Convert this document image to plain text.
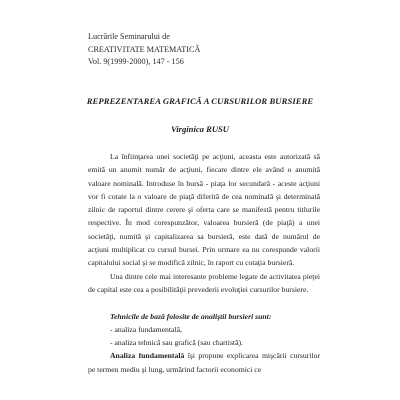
Lucrările Seminarului de
CREATIVITATE MATEMATICĂ
Vol. 9(1999-2000), 147 - 156
REPREZENTAREA GRAFICĂ A CURSURILOR BURSIERE
Virginica RUSU

La înfiinţarea unei societăţi pe acţiuni, aceasta este autorizată să emită un anumit număr de acţiuni, fiecare dintre ele având o anumită valoare nominală. Introduse în bursă - piaţa lor secundară - aceste acţiuni vor fi cotate la o valoare de piaţă diferită de cea nominală şi determinată zilnic de raportul dintre cerere şi oferta care se manifestă pentru titlurile respective. În mod corespunzător, valoarea bursieră (de piaţă) a unei societăţi, numită şi capitalizarea sa bursieră, este dată de numărul de acţiuni multiplicat cu cursul bursei. Prin urmare ea nu corespunde valorii capitalului social şi se modifică zilnic, în raport cu cotaţia bursieră.

Una dintre cele mai interesante probleme legate de activitatea pieţei de capital este cea a posibilităţii prevederii evoluţiei cursurilor bursiere.

Tehnicile de bază folosite de analiştii bursieri sunt:

- analiza fundamentală,

- analiza tehnică sau grafică (sau chartistă).

Analiza fundamentală îşi propune explicarea mişcării cursurilor pe termen mediu şi lung, urmărind factorii economici ce
